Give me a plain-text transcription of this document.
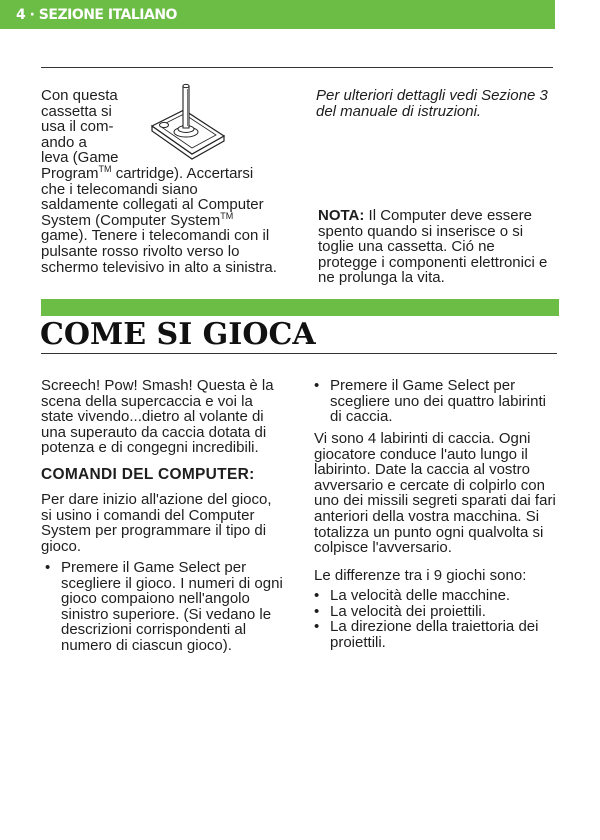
4 · SEZIONE ITALIANO

Con questa

cassetta si

usa il com-

ando a

leva (Game

Program™ cartridge). Accertarsi che i telecomandi siano saldamente collegati al Computer System (Computer System™ game). Tenere i telecomandi con il pulsante rosso rivolto verso lo schermo televisivo in alto a sinistra.

Per ulteriori dettagli vedi Sezione 3 del manuale di istruzioni.

NOTA: Il Computer deve essere spento quando si inserisce o si toglie una cassetta. Ció ne protegge i componenti elettronici e ne prolunga la vita.

COME SI GIOCA

Screech! Pow! Smash! Questa è la scena della supercaccia e voi la state vivendo...dietro al volante di una superauto da caccia dotata di potenza e di congegni incredibili.

COMANDI DEL COMPUTER:

Per dare inizio all'azione del gioco, si usino i comandi del Computer System per programmare il tipo di gioco.

• Premere il Game Select per scegliere il gioco. I numeri di ogni gioco compaiono nell'angolo sinistro superiore. (Si vedano le descrizioni corrispondenti al numero di ciascun gioco).
• Premere il Game Select per scegliere uno dei quattro labirinti di caccia.

Vi sono 4 labirinti di caccia. Ogni giocatore conduce l'auto lungo il labirinto. Date la caccia al vostro avversario e cercate di colpirlo con uno dei missili segreti sparati dai fari anteriori della vostra macchina. Si totalizza un punto ogni qualvolta si colpisce l'avversario.

Le differenze tra i 9 giochi sono:

• La velocità delle macchine.
• La velocità dei proiettili.
• La direzione della traiettoria dei proiettili.
